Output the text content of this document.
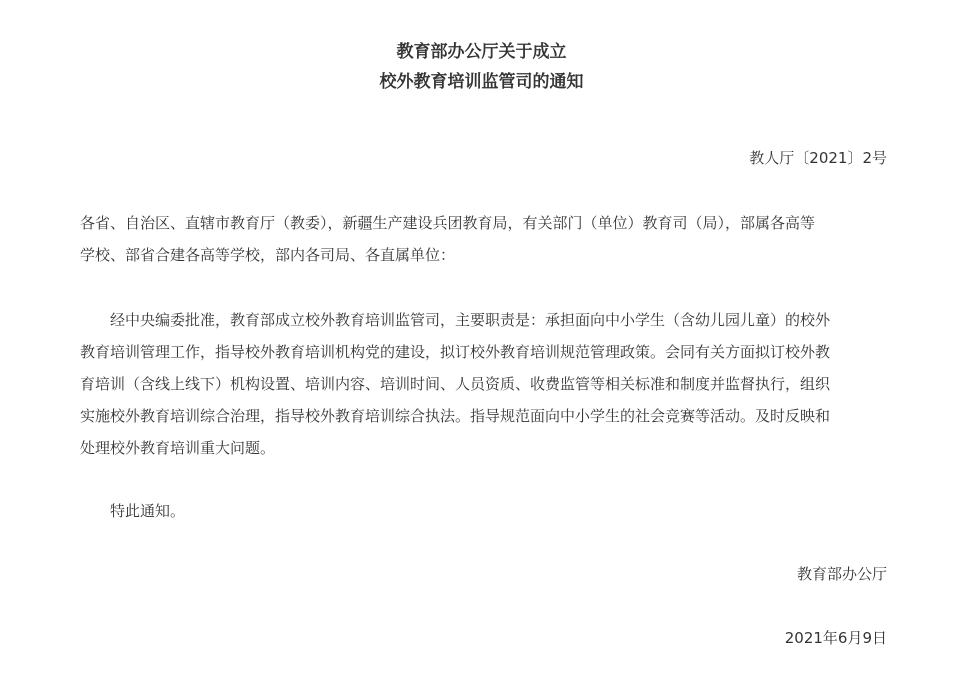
教育部办公厅关于成立
校外教育培训监管司的通知
教人厅〔2021〕2号
各省、自治区、直辖市教育厅（教委），新疆生产建设兵团教育局，有关部门（单位）教育司（局），部属各高等
学校、部省合建各高等学校，部内各司局、各直属单位：
经中央编委批准，教育部成立校外教育培训监管司，主要职责是：承担面向中小学生（含幼儿园儿童）的校外
教育培训管理工作，指导校外教育培训机构党的建设，拟订校外教育培训规范管理政策。会同有关方面拟订校外教
育培训（含线上线下）机构设置、培训内容、培训时间、人员资质、收费监管等相关标准和制度并监督执行，组织
实施校外教育培训综合治理，指导校外教育培训综合执法。指导规范面向中小学生的社会竞赛等活动。及时反映和
处理校外教育培训重大问题。
特此通知。
教育部办公厅
2021年6月9日
